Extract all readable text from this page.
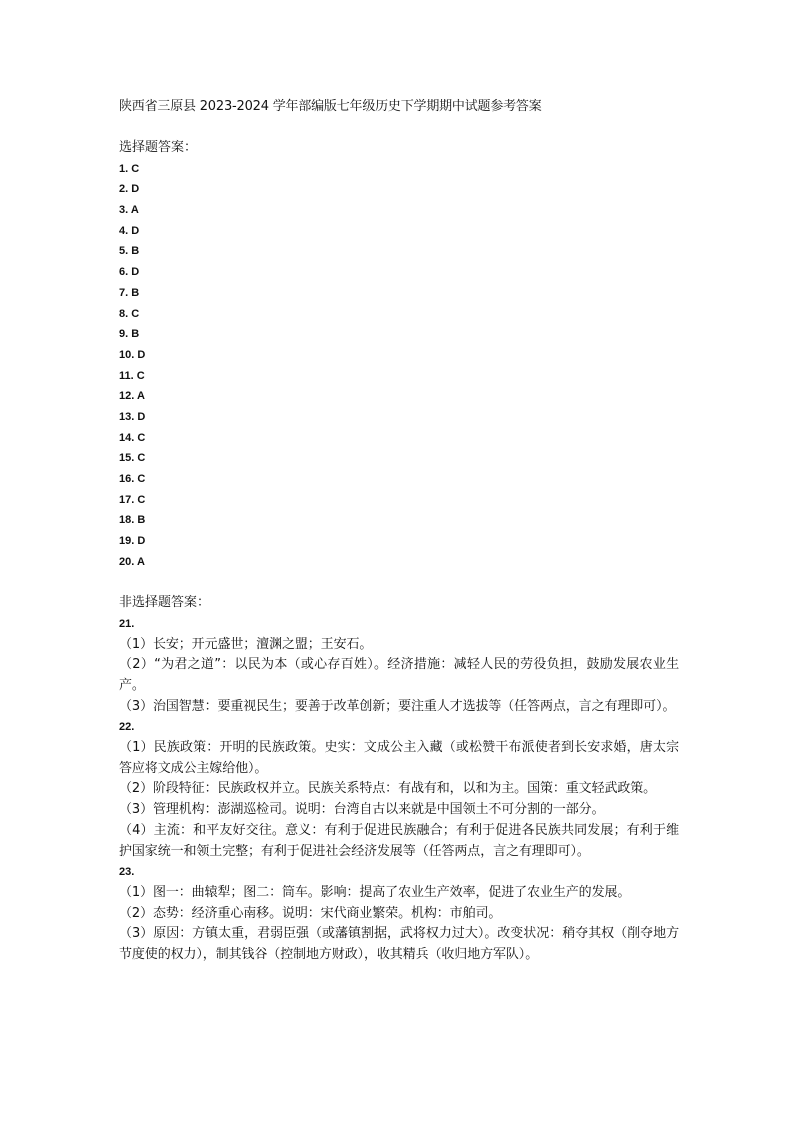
陕西省三原县 2023-2024 学年部编版七年级历史下学期期中试题参考答案
选择题答案：
1. C
2. D
3. A
4. D
5. B
6. D
7. B
8. C
9. B
10. D
11. C
12. A
13. D
14. C
15. C
16. C
17. C
18. B
19. D
20. A
非选择题答案：
21.

（1）长安；开元盛世；澶渊之盟；王安石。

（2）“为君之道”：以民为本（或心存百姓）。经济措施：减轻人民的劳役负担，鼓励发展农业生产。

（3）治国智慧：要重视民生；要善于改革创新；要注重人才选拔等（任答两点，言之有理即可）。

22.

（1）民族政策：开明的民族政策。史实：文成公主入藏（或松赞干布派使者到长安求婚，唐太宗答应将文成公主嫁给他）。

（2）阶段特征：民族政权并立。民族关系特点：有战有和，以和为主。国策：重文轻武政策。

（3）管理机构：澎湖巡检司。说明：台湾自古以来就是中国领土不可分割的一部分。

（4）主流：和平友好交往。意义：有利于促进民族融合；有利于促进各民族共同发展；有利于维护国家统一和领土完整；有利于促进社会经济发展等（任答两点，言之有理即可）。

23.

（1）图一：曲辕犁；图二：筒车。影响：提高了农业生产效率，促进了农业生产的发展。

（2）态势：经济重心南移。说明：宋代商业繁荣。机构：市舶司。

（3）原因：方镇太重，君弱臣强（或藩镇割据，武将权力过大）。改变状况：稍夺其权（削夺地方节度使的权力），制其钱谷（控制地方财政），收其精兵（收归地方军队）。
